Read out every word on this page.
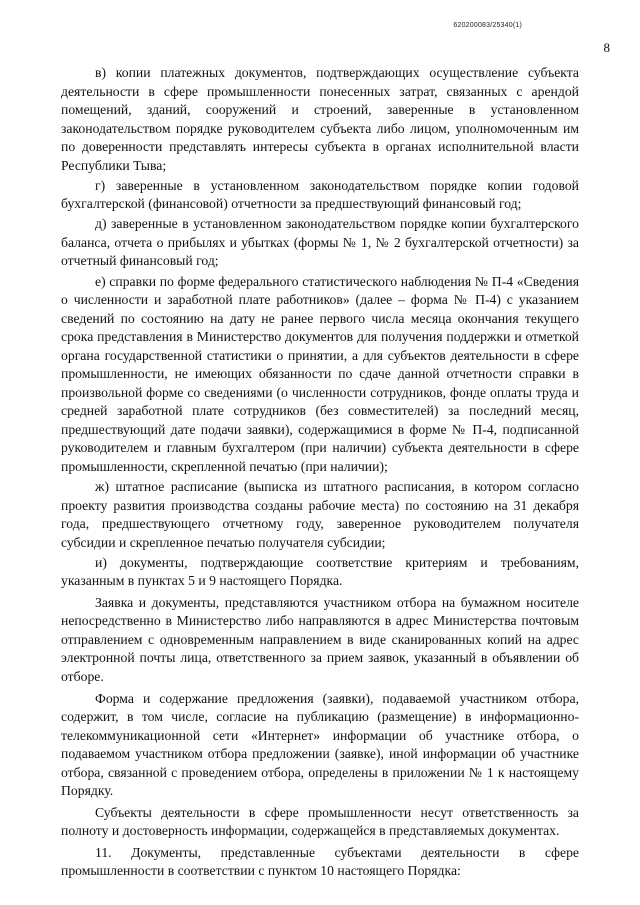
620200083/25340(1)
8

в) копии платежных документов, подтверждающих осуществление субъекта деятельности в сфере промышленности понесенных затрат, связанных с арендой помещений, зданий, сооружений и строений, заверенные в установленном законодательством порядке руководителем субъекта либо лицом, уполномоченным им по доверенности представлять интересы субъекта в органах исполнительной власти Республики Тыва;

г) заверенные в установленном законодательством порядке копии годовой бухгалтерской (финансовой) отчетности за предшествующий финансовый год;

д) заверенные в установленном законодательством порядке копии бухгалтерского баланса, отчета о прибылях и убытках (формы № 1, № 2 бухгалтерской отчетности) за отчетный финансовый год;

е) справки по форме федерального статистического наблюдения № П-4 «Сведения о численности и заработной плате работников» (далее – форма № П-4) с указанием сведений по состоянию на дату не ранее первого числа месяца окончания текущего срока представления в Министерство документов для получения поддержки и отметкой органа государственной статистики о принятии, а для субъектов деятельности в сфере промышленности, не имеющих обязанности по сдаче данной отчетности справки в произвольной форме со сведениями (о численности сотрудников, фонде оплаты труда и средней заработной плате сотрудников (без совместителей) за последний месяц, предшествующий дате подачи заявки), содержащимися в форме № П-4, подписанной руководителем и главным бухгалтером (при наличии) субъекта деятельности в сфере промышленности, скрепленной печатью (при наличии);

ж) штатное расписание (выписка из штатного расписания, в котором согласно проекту развития производства созданы рабочие места) по состоянию на 31 декабря года, предшествующего отчетному году, заверенное руководителем получателя субсидии и скрепленное печатью получателя субсидии;

и) документы, подтверждающие соответствие критериям и требованиям, указанным в пунктах 5 и 9 настоящего Порядка.

Заявка и документы, представляются участником отбора на бумажном носителе непосредственно в Министерство либо направляются в адрес Министерства почтовым отправлением с одновременным направлением в виде сканированных копий на адрес электронной почты лица, ответственного за прием заявок, указанный в объявлении об отборе.

Форма и содержание предложения (заявки), подаваемой участником отбора, содержит, в том числе, согласие на публикацию (размещение) в информационно-телекоммуникационной сети «Интернет» информации об участнике отбора, о подаваемом участником отбора предложении (заявке), иной информации об участнике отбора, связанной с проведением отбора, определены в приложении № 1 к настоящему Порядку.

Субъекты деятельности в сфере промышленности несут ответственность за полноту и достоверность информации, содержащейся в представляемых документах.

11. Документы, представленные субъектами деятельности в сфере промышленности в соответствии с пунктом 10 настоящего Порядка:
